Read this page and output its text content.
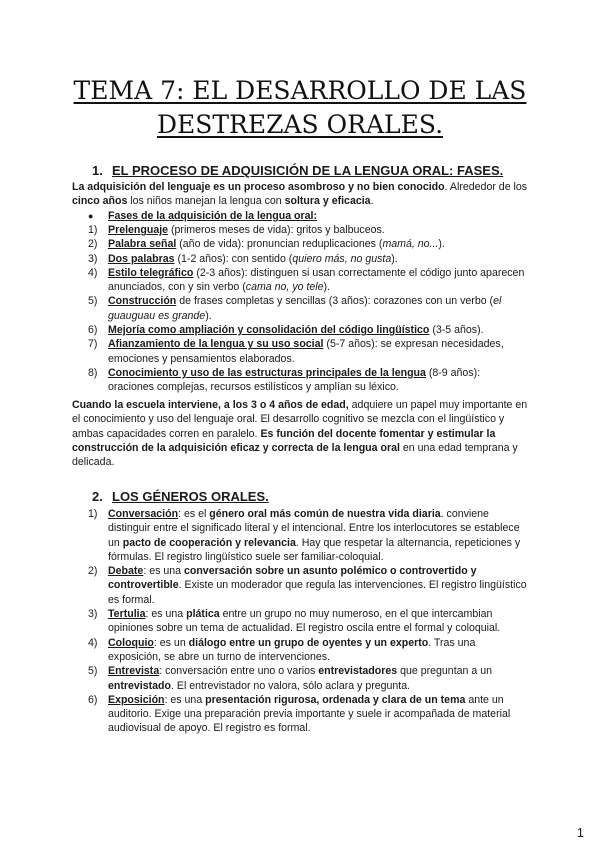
TEMA 7: EL DESARROLLO DE LAS DESTREZAS ORALES.
1. EL PROCESO DE ADQUISICIÓN DE LA LENGUA ORAL: FASES.

La adquisición del lenguaje es un proceso asombroso y no bien conocido. Alrededor de los cinco años los niños manejan la lengua con soltura y eficacia.

● Fases de la adquisición de la lengua oral:
1) Prelenguaje (primeros meses de vida): gritos y balbuceos.
2) Palabra señal (año de vida): pronuncian reduplicaciones (mamá, no...).
3) Dos palabras (1-2 años): con sentido (quiero más, no gusta).
4) Estilo telegráfico (2-3 años): distinguen si usan correctamente el código junto aparecen anunciados, con y sin verbo (cama no, yo tele).
5) Construcción de frases completas y sencillas (3 años): corazones con un verbo (el guauguau es grande).
6) Mejoría como ampliación y consolidación del código lingüístico (3-5 años).
7) Afianzamiento de la lengua y su uso social (5-7 años): se expresan necesidades, emociones y pensamientos elaborados.
8) Conocimiento y uso de las estructuras principales de la lengua (8-9 años): oraciones complejas, recursos estilísticos y amplían su léxico.

Cuando la escuela interviene, a los 3 o 4 años de edad, adquiere un papel muy importante en el conocimiento y uso del lenguaje oral. El desarrollo cognitivo se mezcla con el lingüístico y ambas capacidades corren en paralelo. Es función del docente fomentar y estimular la construcción de la adquisición eficaz y correcta de la lengua oral en una edad temprana y delicada.

2. LOS GÉNEROS ORALES.
1) Conversación: es el género oral más común de nuestra vida diaria. conviene distinguir entre el significado literal y el intencional. Entre los interlocutores se establece un pacto de cooperación y relevancia. Hay que respetar la alternancia, repeticiones y fórmulas. El registro lingüístico suele ser familiar-coloquial.
2) Debate: es una conversación sobre un asunto polémico o controvertido y controvertible. Existe un moderador que regula las intervenciones. El registro lingüístico es formal.
3) Tertulia: es una plática entre un grupo no muy numeroso, en el que intercambian opiniones sobre un tema de actualidad. El registro oscila entre el formal y coloquial.
4) Coloquio: es un diálogo entre un grupo de oyentes y un experto. Tras una exposición, se abre un turno de intervenciones.
5) Entrevista: conversación entre uno o varios entrevistadores que preguntan a un entrevistado. El entrevistador no valora, sólo aclara y pregunta.
6) Exposición: es una presentación rigurosa, ordenada y clara de un tema ante un auditorio. Exige una preparación previa importante y suele ir acompañada de material audiovisual de apoyo. El registro es formal.
1
